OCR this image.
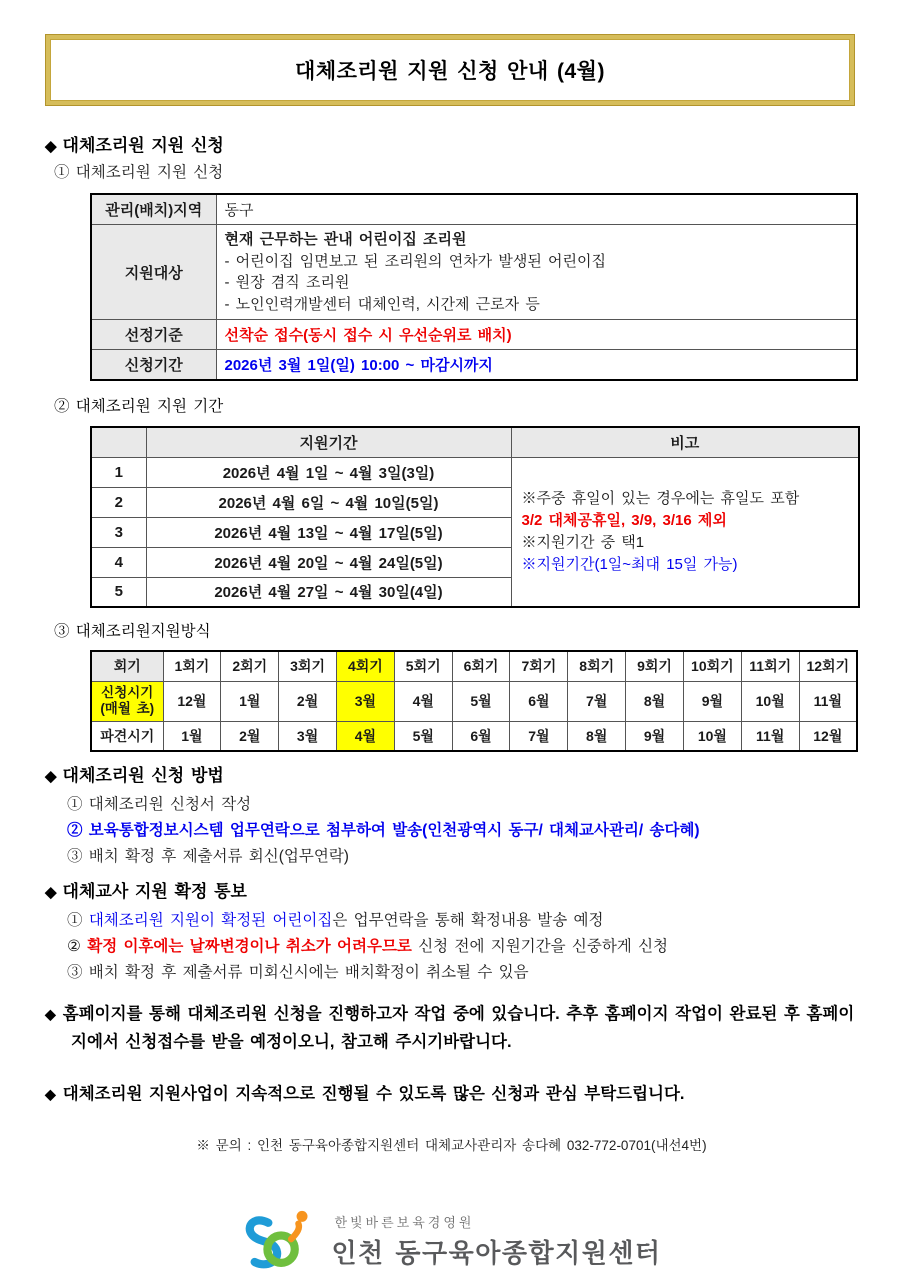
대체조리원 지원 신청 안내 (4월)
◆ 대체조리원 지원 신청
① 대체조리원 지원 신청
관리(배치)지역	동구
지원대상	현재 근무하는 관내 어린이집 조리원
- 어린이집 임면보고 된 조리원의 연차가 발생된 어린이집
- 원장 겸직 조리원
- 노인인력개발센터 대체인력, 시간제 근로자 등

선정기준	선착순 접수(동시 접수 시 우선순위로 배치)
신청기간	2026년 3월 1일(일) 10:00 ~ 마감시까지
② 대체조리원 지원 기간
	지원기간	비고
1	2026년 4월 1일 ~ 4월 3일(3일)	※주중 휴일이 있는 경우에는 휴일도 포함
3/2 대체공휴일, 3/9, 3/16 제외
※지원기간 중 택1
※지원기간(1일~최대 15일 가능)

2	2026년 4월 6일 ~ 4월 10일(5일)	
3	2026년 4월 13일 ~ 4월 17일(5일)	
4	2026년 4월 20일 ~ 4월 24일(5일)	
5	2026년 4월 27일 ~ 4월 30일(4일)	
③ 대체조리원지원방식
회기	1회기	2회기	3회기	4회기	5회기	6회기	7회기	8회기	9회기	10회기	11회기	12회기

신청시기
(매월 초)	12월	1월	2월	3월	4월	5월	6월	7월	8월	9월	10월	11월
파견시기	1월	2월	3월	4월	5월	6월	7월	8월	9월	10월	11월	12월
◆ 대체조리원 신청 방법
① 대체조리원 신청서 작성
② 보육통합정보시스템 업무연락으로 첨부하여 발송(인천광역시 동구/ 대체교사관리/ 송다혜)
③ 배치 확정 후 제출서류 회신(업무연락)
◆ 대체교사 지원 확정 통보
① 대체조리원 지원이 확정된 어린이집은 업무연락을 통해 확정내용 발송 예정
② 확정 이후에는 날짜변경이나 취소가 어려우므로 신청 전에 지원기간을 신중하게 신청
③ 배치 확정 후 제출서류 미회신시에는 배치확정이 취소될 수 있음
◆ 홈페이지를 통해 대체조리원 신청을 진행하고자 작업 중에 있습니다. 추후 홈페이지 작업이 완료된 후 홈페이지에서 신청접수를 받을 예정이오니, 참고해 주시기바랍니다.
◆ 대체조리원 지원사업이 지속적으로 진행될 수 있도록 많은 신청과 관심 부탁드립니다.
※ 문의 : 인천 동구육아종합지원센터 대체교사관리자 송다혜 032-772-0701(내선4번)
한빛바른보육경영원
인천 동구육아종합지원센터
